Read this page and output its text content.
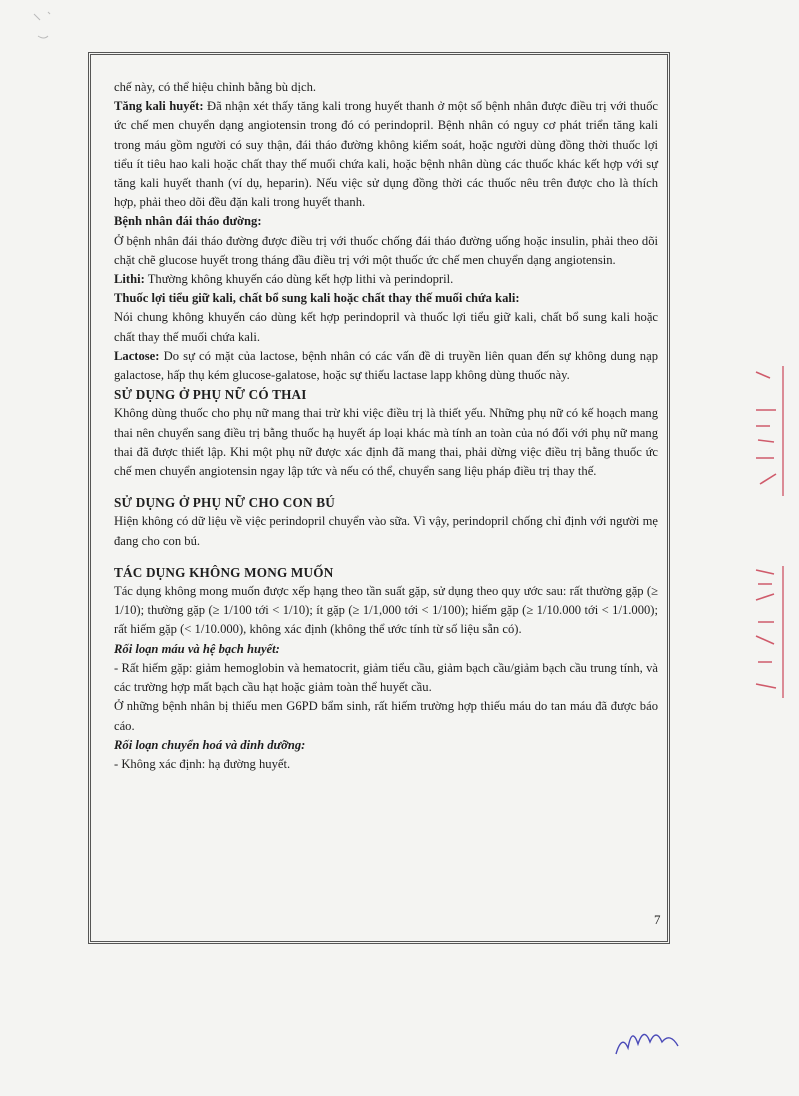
chế này, có thể hiệu chỉnh bằng bù dịch.

Tăng kali huyết: Đã nhận xét thấy tăng kali trong huyết thanh ở một số bệnh nhân được điều trị với thuốc ức chế men chuyển dạng angiotensin trong đó có perindopril. Bệnh nhân có nguy cơ phát triển tăng kali trong máu gồm người có suy thận, đái tháo đường không kiểm soát, hoặc người dùng đồng thời thuốc lợi tiểu ít tiêu hao kali hoặc chất thay thế muối chứa kali, hoặc bệnh nhân dùng các thuốc khác kết hợp với sự tăng kali huyết thanh (ví dụ, heparin). Nếu việc sử dụng đồng thời các thuốc nêu trên được cho là thích hợp, phải theo dõi đều đặn kali trong huyết thanh.

Bệnh nhân đái tháo đường:

Ở bệnh nhân đái tháo đường được điều trị với thuốc chống đái tháo đường uống hoặc insulin, phải theo dõi chặt chẽ glucose huyết trong tháng đầu điều trị với một thuốc ức chế men chuyển dạng angiotensin.

Lithi: Thường không khuyến cáo dùng kết hợp lithi và perindopril.

Thuốc lợi tiểu giữ kali, chất bổ sung kali hoặc chất thay thế muối chứa kali:

Nói chung không khuyến cáo dùng kết hợp perindopril và thuốc lợi tiểu giữ kali, chất bổ sung kali hoặc chất thay thế muối chứa kali.

Lactose: Do sự có mặt của lactose, bệnh nhân có các vấn đề di truyền liên quan đến sự không dung nạp galactose, hấp thụ kém glucose-galatose, hoặc sự thiếu lactase lapp không dùng thuốc này.

SỬ DỤNG Ở PHỤ NỮ CÓ THAI

Không dùng thuốc cho phụ nữ mang thai trừ khi việc điều trị là thiết yếu. Những phụ nữ có kế hoạch mang thai nên chuyển sang điều trị bằng thuốc hạ huyết áp loại khác mà tính an toàn của nó đối với phụ nữ mang thai đã được thiết lập. Khi một phụ nữ được xác định đã mang thai, phải dừng việc điều trị bằng thuốc ức chế men chuyển angiotensin ngay lập tức và nếu có thể, chuyển sang liệu pháp điều trị thay thế.

SỬ DỤNG Ở PHỤ NỮ CHO CON BÚ

Hiện không có dữ liệu về việc perindopril chuyển vào sữa. Vì vậy, perindopril chống chỉ định với người mẹ đang cho con bú.

TÁC DỤNG KHÔNG MONG MUỐN

Tác dụng không mong muốn được xếp hạng theo tần suất gặp, sử dụng theo quy ước sau: rất thường gặp (≥ 1/10); thường gặp (≥ 1/100 tới < 1/10); ít gặp (≥ 1/1,000 tới < 1/100); hiếm gặp (≥ 1/10.000 tới < 1/1.000); rất hiếm gặp (< 1/10.000), không xác định (không thể ước tính từ số liệu sẵn có).

Rối loạn máu và hệ bạch huyết:

- Rất hiếm gặp: giảm hemoglobin và hematocrit, giảm tiểu cầu, giảm bạch cầu/giảm bạch cầu trung tính, và các trường hợp mất bạch cầu hạt hoặc giảm toàn thể huyết cầu.

Ở những bệnh nhân bị thiếu men G6PD bẩm sinh, rất hiếm trường hợp thiếu máu do tan máu đã được báo cáo.

Rối loạn chuyển hoá và dinh dưỡng:

- Không xác định: hạ đường huyết.

7
